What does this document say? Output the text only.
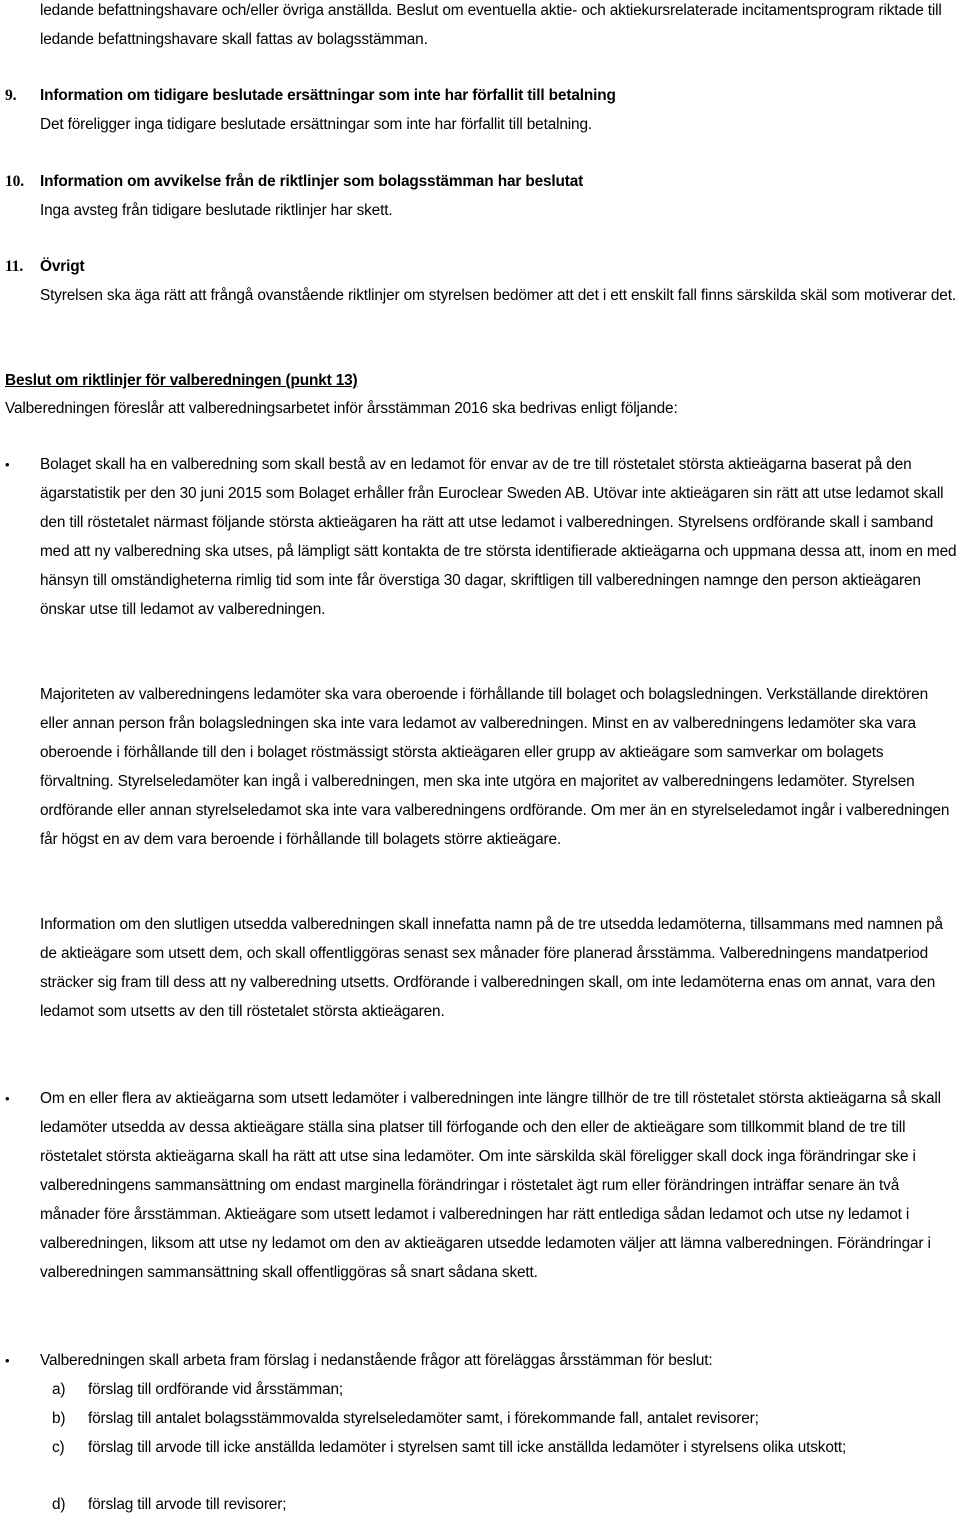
ledande befattningshavare och/eller övriga anställda. Beslut om eventuella aktie- och aktiekursrelaterade incitamentsprogram riktade till ledande befattningshavare skall fattas av bolagsstämman.

9.	Information om tidigare beslutade ersättningar som inte har förfallit till betalning

Det föreligger inga tidigare beslutade ersättningar som inte har förfallit till betalning.

10.	Information om avvikelse från de riktlinjer som bolagsstämman har beslutat

Inga avsteg från tidigare beslutade riktlinjer har skett.

11.	Övrigt

Styrelsen ska äga rätt att frångå ovanstående riktlinjer om styrelsen bedömer att det i ett enskilt fall finns särskilda skäl som motiverar det.

Beslut om riktlinjer för valberedningen (punkt 13)

Valberedningen föreslår att valberedningsarbetet inför årsstämman 2016 ska bedrivas enligt följande:

•	Bolaget skall ha en valberedning som skall bestå av en ledamot för envar av de tre till röstetalet största aktieägarna baserat på den ägarstatistik per den 30 juni 2015 som Bolaget erhåller från Euroclear Sweden AB. Utövar inte aktieägaren sin rätt att utse ledamot skall den till röstetalet närmast följande största aktieägaren ha rätt att utse ledamot i valberedningen. Styrelsens ordförande skall i samband med att ny valberedning ska utses, på lämpligt sätt kontakta de tre största identifierade aktieägarna och uppmana dessa att, inom en med hänsyn till omständigheterna rimlig tid som inte får överstiga 30 dagar, skriftligen till valberedningen namnge den person aktieägaren önskar utse till ledamot av valberedningen.

Majoriteten av valberedningens ledamöter ska vara oberoende i förhållande till bolaget och bolagsledningen. Verkställande direktören eller annan person från bolagsledningen ska inte vara ledamot av valberedningen. Minst en av valberedningens ledamöter ska vara oberoende i förhållande till den i bolaget röstmässigt största aktieägaren eller grupp av aktieägare som samverkar om bolagets förvaltning. Styrelseledamöter kan ingå i valberedningen, men ska inte utgöra en majoritet av valberedningens ledamöter. Styrelsen ordförande eller annan styrelseledamot ska inte vara valberedningens ordförande. Om mer än en styrelseledamot ingår i valberedningen får högst en av dem vara beroende i förhållande till bolagets större aktieägare.

Information om den slutligen utsedda valberedningen skall innefatta namn på de tre utsedda ledamöterna, tillsammans med namnen på de aktieägare som utsett dem, och skall offentliggöras senast sex månader före planerad årsstämma. Valberedningens mandatperiod sträcker sig fram till dess att ny valberedning utsetts. Ordförande i valberedningen skall, om inte ledamöterna enas om annat, vara den ledamot som utsetts av den till röstetalet största aktieägaren.

•	Om en eller flera av aktieägarna som utsett ledamöter i valberedningen inte längre tillhör de tre till röstetalet största aktieägarna så skall ledamöter utsedda av dessa aktieägare ställa sina platser till förfogande och den eller de aktieägare som tillkommit bland de tre till röstetalet största aktieägarna skall ha rätt att utse sina ledamöter. Om inte särskilda skäl föreligger skall dock inga förändringar ske i valberedningens sammansättning om endast marginella förändringar i röstetalet ägt rum eller förändringen inträffar senare än två månader före årsstämman. Aktieägare som utsett ledamot i valberedningen har rätt entlediga sådan ledamot och utse ny ledamot i valberedningen, liksom att utse ny ledamot om den av aktieägaren utsedde ledamoten väljer att lämna valberedningen. Förändringar i valberedningen sammansättning skall offentliggöras så snart sådana skett.

•	Valberedningen skall arbeta fram förslag i nedanstående frågor att föreläggas årsstämman för beslut:

a)	förslag till ordförande vid årsstämman;
b)	förslag till antalet bolagsstämmovalda styrelseledamöter samt, i förekommande fall, antalet revisorer;
c)	förslag till arvode till icke anställda ledamöter i styrelsen samt till icke anställda ledamöter i styrelsens olika utskott;
d)	förslag till arvode till revisorer;
